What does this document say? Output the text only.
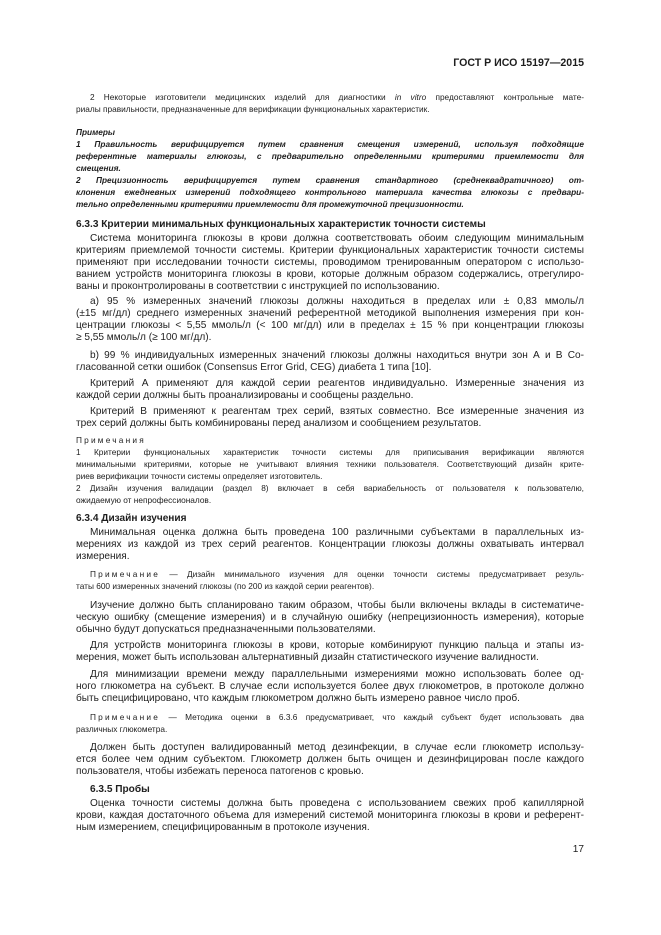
ГОСТ Р ИСО 15197—2015
2 Некоторые изготовители медицинских изделий для диагностики in vitro предоставляют контрольные мате-
риалы правильности, предназначенные для верификации функциональных характеристик.
Примеры
1 Правильность верифицируется путем сравнения смещения измерений, используя подходящие
референтные материалы глюкозы, с предварительно определенными критериями приемлемости для
смещения.
2 Прецизионность верифицируется путем сравнения стандартного (среднеквадратичного) от-
клонения ежедневных измерений подходящего контрольного материала качества глюкозы с предвари-
тельно определенными критериями приемлемости для промежуточной прецизионности.
6.3.3 Критерии минимальных функциональных характеристик точности системы
Система мониторинга глюкозы в крови должна соответствовать обоим следующим минимальным
критериям приемлемой точности системы. Критерии функциональных характеристик точности системы
применяют при исследовании точности системы, проводимом тренированным оператором с использо-
ванием устройств мониторинга глюкозы в крови, которые должным образом содержались, отрегулиро-
ваны и проконтролированы в соответствии с инструкцией по использованию.
а) 95 % измеренных значений глюкозы должны находиться в пределах или ± 0,83 ммоль/л
(±15 мг/дл) среднего измеренных значений референтной методикой выполнения измерения при кон-
центрации глюкозы < 5,55 ммоль/л (< 100 мг/дл) или в пределах ± 15 % при концентрации глюкозы
≥ 5,55 ммоль/л (≥ 100 мг/дл).
b) 99 % индивидуальных измеренных значений глюкозы должны находиться внутри зон А и В Со-
гласованной сетки ошибок (Consensus Error Grid, CEG) диабета 1 типа [10].
Критерий А применяют для каждой серии реагентов индивидуально. Измеренные значения из
каждой серии должны быть проанализированы и сообщены раздельно.
Критерий В применяют к реагентам трех серий, взятых совместно. Все измеренные значения из
трех серий должны быть комбинированы перед анализом и сообщением результатов.
Примечания
1 Критерии функциональных характеристик точности системы для приписывания верификации являются
минимальными критериями, которые не учитывают влияния техники пользователя. Соответствующий дизайн крите-
риев верификации точности системы определяет изготовитель.
2 Дизайн изучения валидации (раздел 8) включает в себя вариабельность от пользователя к пользователю,
ожидаемую от непрофессионалов.
6.3.4 Дизайн изучения
Минимальная оценка должна быть проведена 100 различными субъектами в параллельных из-
мерениях из каждой из трех серий реагентов. Концентрации глюкозы должны охватывать интервал
измерения.
Примечание — Дизайн минимального изучения для оценки точности системы предусматривает резуль-
таты 600 измеренных значений глюкозы (по 200 из каждой серии реагентов).
Изучение должно быть спланировано таким образом, чтобы были включены вклады в систематиче-
ческую ошибку (смещение измерения) и в случайную ошибку (непрецизионность измерения), которые
обычно будут допускаться предназначенными пользователями.
Для устройств мониторинга глюкозы в крови, которые комбинируют пункцию пальца и этапы из-
мерения, может быть использован альтернативный дизайн статистического изучение валидности.
Для минимизации времени между параллельными измерениями можно использовать более од-
ного глюкометра на субъект. В случае если используется более двух глюкометров, в протоколе должно
быть специфицировано, что каждым глюкометром должно быть измерено равное число проб.
Примечание — Методика оценки в 6.3.6 предусматривает, что каждый субъект будет использовать два
различных глюкометра.
Должен быть доступен валидированный метод дезинфекции, в случае если глюкометр использу-
ется более чем одним субъектом. Глюкометр должен быть очищен и дезинфицирован после каждого
пользователя, чтобы избежать переноса патогенов с кровью.
6.3.5 Пробы
Оценка точности системы должна быть проведена с использованием свежих проб капиллярной
крови, каждая достаточного объема для измерений системой мониторинга глюкозы в крови и референт-
ным измерением, специфицированным в протоколе изучения.
17
